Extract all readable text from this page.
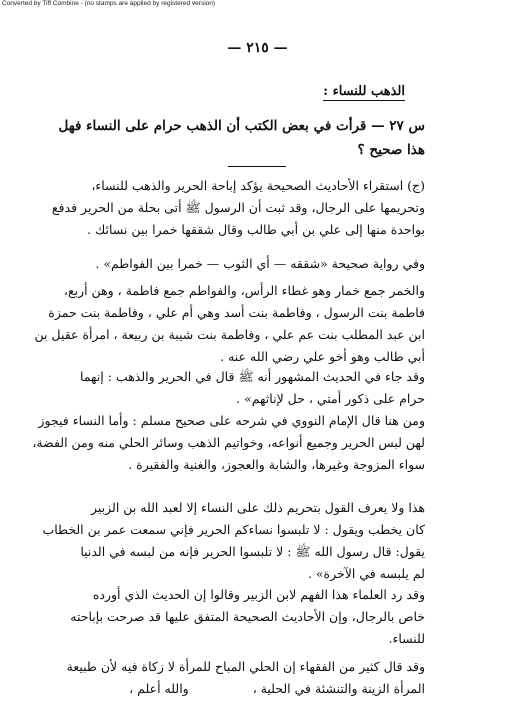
Converted by Tiff Combine - (no stamps are applied by registered version)
— ٢١٥ —
الذهب للنساء :
س ٢٧ — قرأت في بعض الكتب أن الذهب حرام على النساء فهل
هذا صحيح ؟
(ج) استقراء الأحاديث الصحيحة يؤكد إباحة الحرير والذهب للنساء،
وتحريمها على الرجال، وقد ثبت أن الرسول ﷺ أتى بحلة من الحرير فدفع
بواحدة منها إلى علي بن أبي طالب وقال شققها خمرا بين نسائك .
وفي رواية صحيحة «شققه — أي الثوب — خمرا بين الفواطم» .
والخمر جمع خمار وهو غطاء الرأس، والفواطم جمع فاطمة ، وهن أربع،
فاطمة بنت الرسول ، وفاطمة بنت أسد وهي أم علي ، وفاطمة بنت حمزة
ابن عبد المطلب بنت عم علي ، وفاطمة بنت شيبة بن ربيعة ، امرأة عقيل بن
أبي طالب وهو أخو علي رضي الله عنه .
وقد جاء في الحديث المشهور أنه ﷺ قال في الحرير والذهب : إنهما
حرام على ذكور أمتي ، حل لإناثهم» .
ومن هنا قال الإمام النووي في شرحه على صحيح مسلم : وأما النساء فيجوز
لهن لبس الحرير وجميع أنواعه، وخواتيم الذهب وسائر الحلي منه ومن الفضة،
سواء المزوجة وغيرها، والشابة والعجوز، والغنية والفقيرة .
هذا ولا يعرف القول بتحريم ذلك على النساء إلا لعبد الله بن الزبير
كان يخطب ويقول : لا تلبسوا نساءكم الحرير فإني سمعت عمر بن الخطاب
يقول: قال رسول الله ﷺ : لا تلبسوا الحرير فإنه من لبسه في الدنيا
لم يلبسه في الآخرة» .
وقد رد العلماء هذا الفهم لابن الزبير وقالوا إن الحديث الذي أورده
خاص بالرجال، وإن الأحاديث الصحيحة المتفق عليها قد صرحت بإباحته
للنساء.
وقد قال كثير من الفقهاء إن الحلي المباح للمرأة لا زكاة فيه لأن طبيعة
المرأة الزينة والتنشئة في الحلية ، والله أعلم ،
